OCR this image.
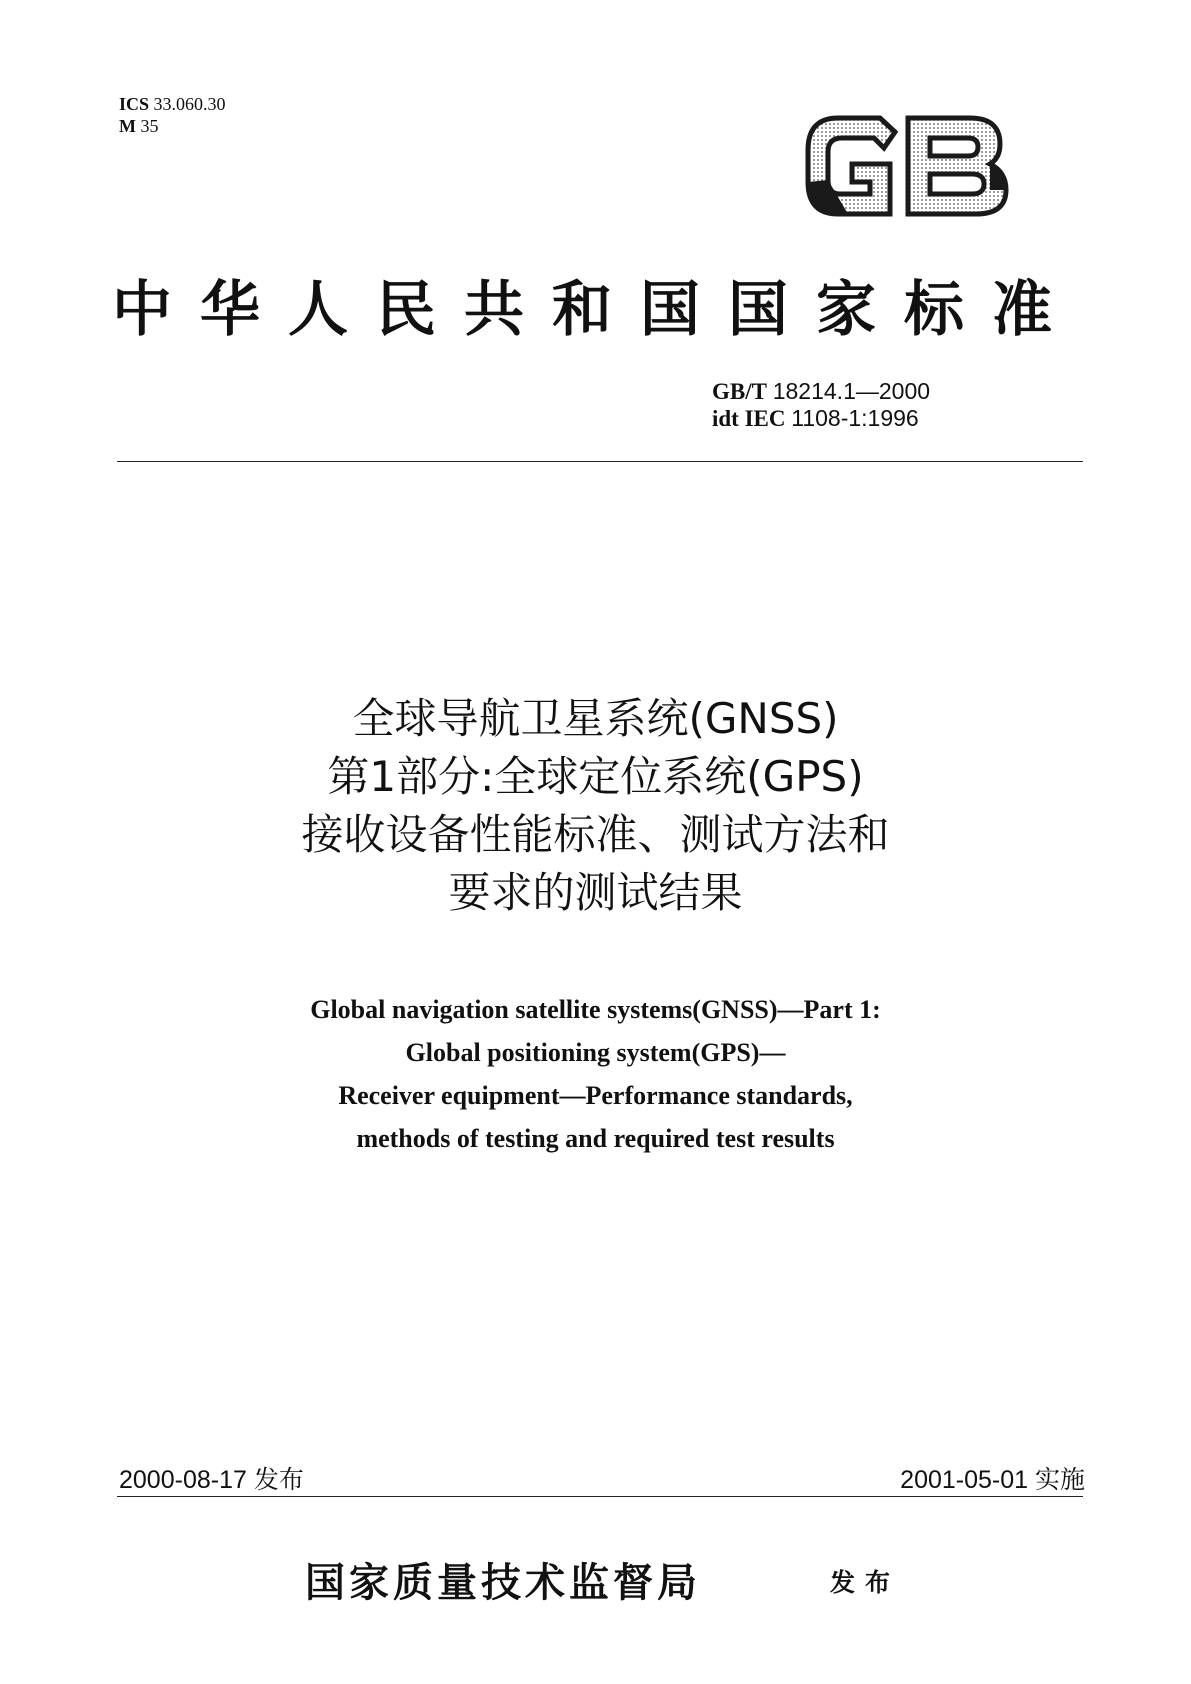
ICS 33.060.30
M 35
中华人民共和国国家标准
GB/T 18214.1—2000
idt IEC 1108-1:1996
全球导航卫星系统(GNSS)
第1部分:全球定位系统(GPS)
接收设备性能标准、测试方法和
要求的测试结果
Global navigation satellite systems(GNSS)—Part 1:
Global positioning system(GPS)—
Receiver equipment—Performance standards,
methods of testing and required test results
2000-08-17 发布	2001-05-01 实施
国家质量技术监督局	发布
